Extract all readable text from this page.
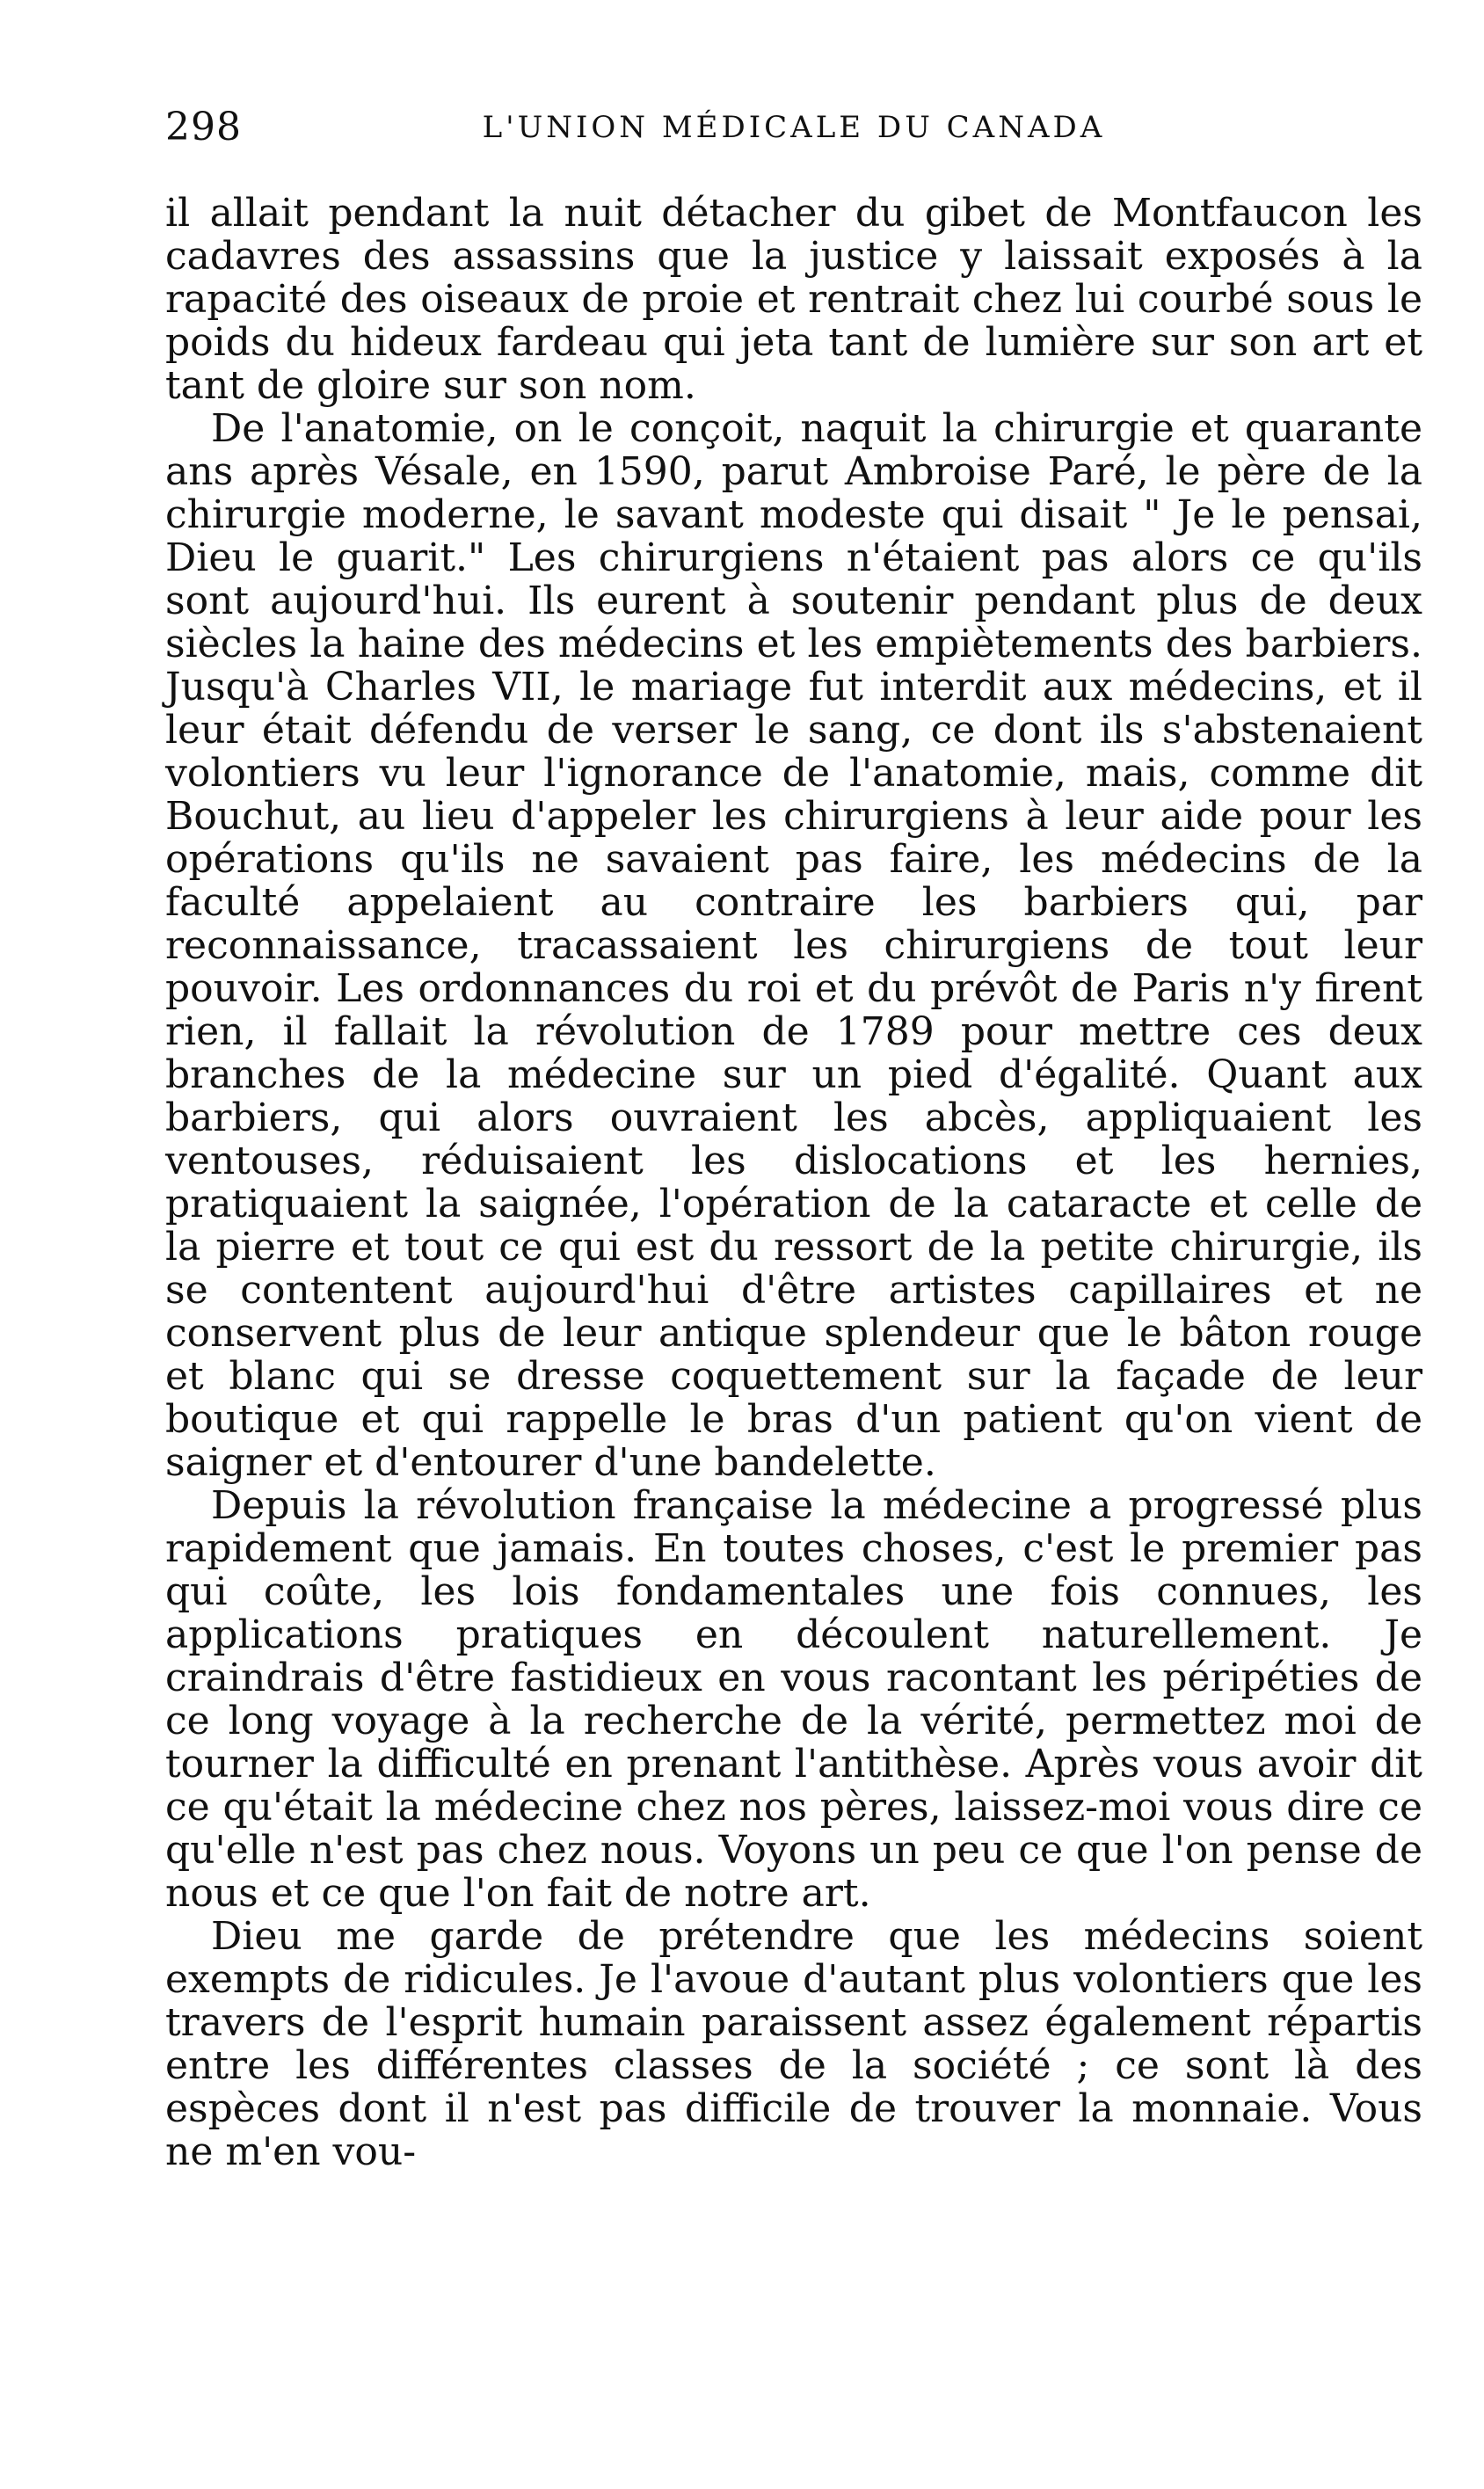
298	L'UNION MÉDICALE DU CANADA

il allait pendant la nuit détacher du gibet de Montfaucon les cadavres des assassins que la justice y laissait exposés à la rapacité des oiseaux de proie et rentrait chez lui courbé sous le poids du hideux fardeau qui jeta tant de lumière sur son art et tant de gloire sur son nom.

De l'anatomie, on le conçoit, naquit la chirurgie et quarante ans après Vésale, en 1590, parut Ambroise Paré, le père de la chirurgie moderne, le savant modeste qui disait " Je le pensai, Dieu le guarit." Les chirurgiens n'étaient pas alors ce qu'ils sont aujourd'hui. Ils eurent à soutenir pendant plus de deux siècles la haine des médecins et les empiètements des barbiers. Jusqu'à Charles VII, le mariage fut interdit aux médecins, et il leur était défendu de verser le sang, ce dont ils s'abstenaient volontiers vu leur l'ignorance de l'anatomie, mais, comme dit Bouchut, au lieu d'appeler les chirurgiens à leur aide pour les opérations qu'ils ne savaient pas faire, les médecins de la faculté appelaient au contraire les barbiers qui, par reconnaissance, tracassaient les chirurgiens de tout leur pouvoir. Les ordonnances du roi et du prévôt de Paris n'y firent rien, il fallait la révolution de 1789 pour mettre ces deux branches de la médecine sur un pied d'égalité. Quant aux barbiers, qui alors ouvraient les abcès, appliquaient les ventouses, réduisaient les dislocations et les hernies, pratiquaient la saignée, l'opération de la cataracte et celle de la pierre et tout ce qui est du ressort de la petite chirurgie, ils se contentent aujourd'hui d'être artistes capillaires et ne conservent plus de leur antique splendeur que le bâton rouge et blanc qui se dresse coquettement sur la façade de leur boutique et qui rappelle le bras d'un patient qu'on vient de saigner et d'entourer d'une bandelette.

Depuis la révolution française la médecine a progressé plus rapidement que jamais. En toutes choses, c'est le premier pas qui coûte, les lois fondamentales une fois connues, les applications pratiques en découlent naturellement. Je craindrais d'être fastidieux en vous racontant les péripéties de ce long voyage à la recherche de la vérité, permettez moi de tourner la difficulté en prenant l'antithèse. Après vous avoir dit ce qu'était la médecine chez nos pères, laissez-moi vous dire ce qu'elle n'est pas chez nous. Voyons un peu ce que l'on pense de nous et ce que l'on fait de notre art.

Dieu me garde de prétendre que les médecins soient exempts de ridicules. Je l'avoue d'autant plus volontiers que les travers de l'esprit humain paraissent assez également répartis entre les différentes classes de la société ; ce sont là des espèces dont il n'est pas difficile de trouver la monnaie. Vous ne m'en vou-
